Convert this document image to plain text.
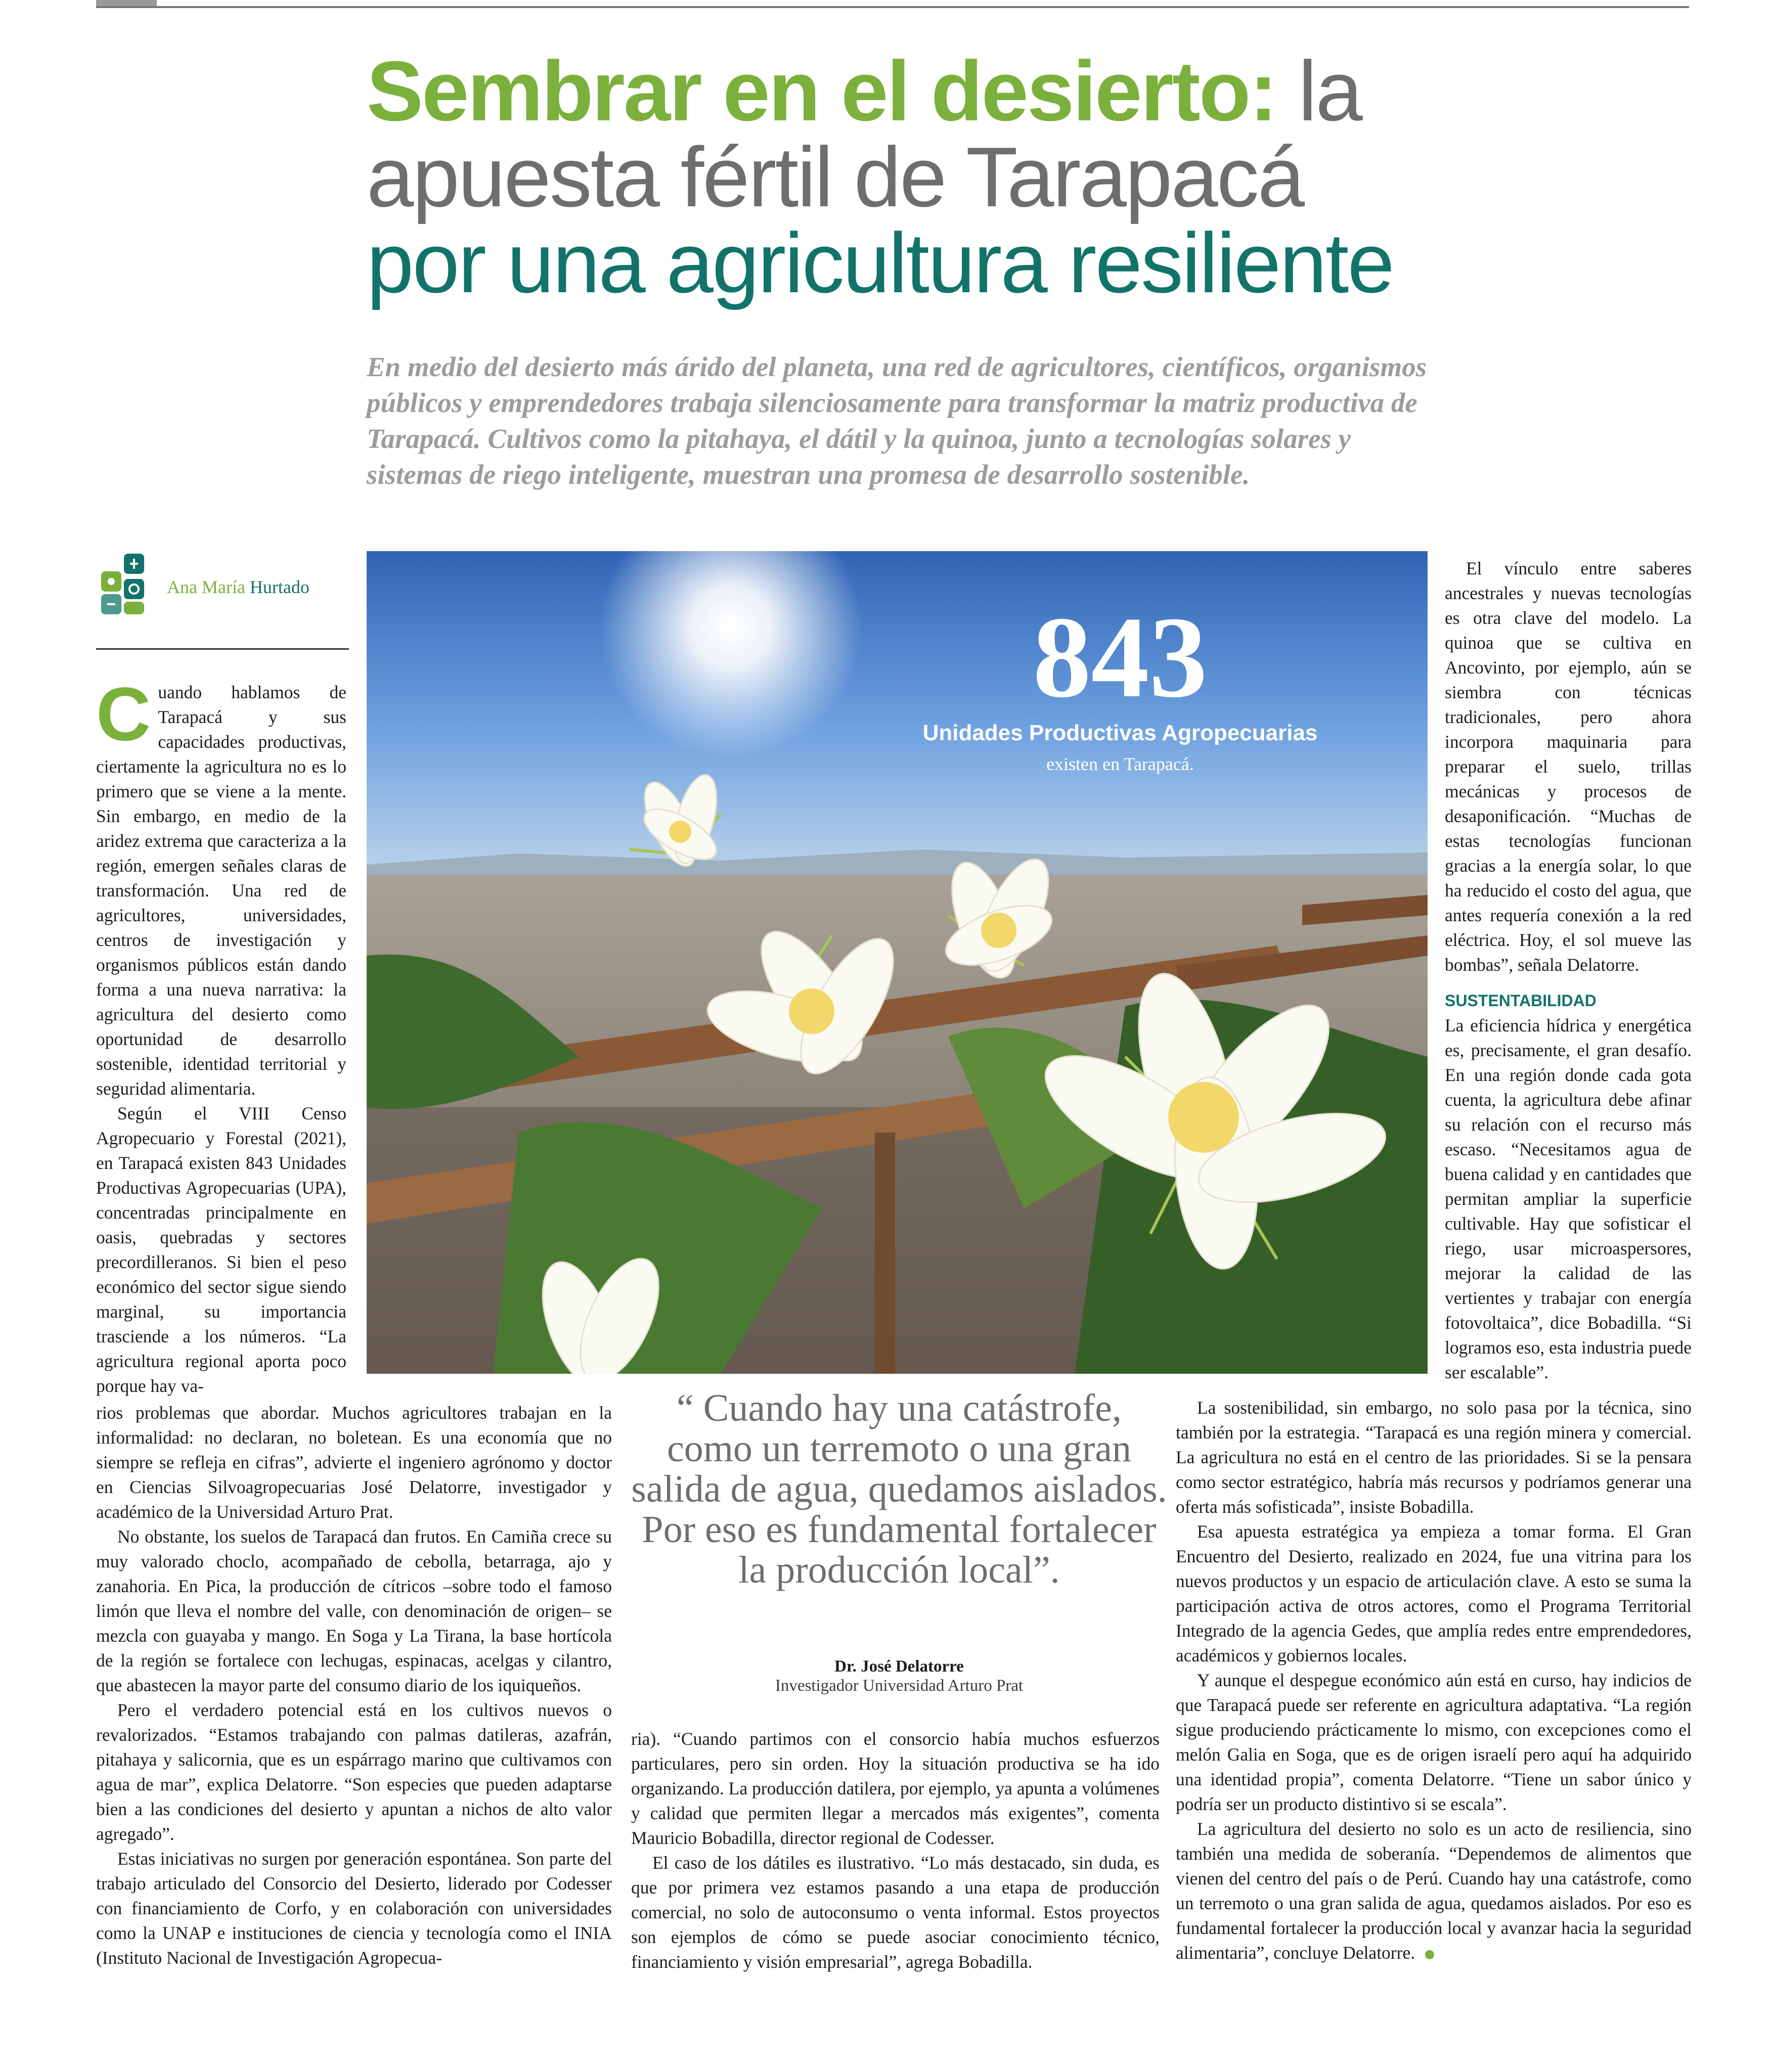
Sembrar en el desierto: la
apuesta fértil de Tarapacá
por una agricultura resiliente

En medio del desierto más árido del planeta, una red de agricultores, científicos, organismos públicos y emprendedores trabaja silenciosamente para transformar la matriz productiva de Tarapacá. Cultivos como la pitahaya, el dátil y la quinoa, junto a tecnologías solares y sistemas de riego inteligente, muestran una promesa de desarrollo sostenible.

Ana María Hurtado

Cuando hablamos de Tarapacá y sus capacidades productivas, ciertamente la agricultura no es lo primero que se viene a la mente. Sin embargo, en medio de la aridez extrema que caracteriza a la región, emergen señales claras de transformación. Una red de agricultores, universidades, centros de investigación y organismos públicos están dando forma a una nueva narrativa: la agricultura del desierto como oportunidad de desarrollo sostenible, identidad territorial y seguridad alimentaria.

Según el VIII Censo Agropecuario y Forestal (2021), en Tarapacá existen 843 Unidades Productivas Agropecuarias (UPA), concentradas principalmente en oasis, quebradas y sectores precordilleranos. Si bien el peso económico del sector sigue siendo marginal, su importancia trasciende a los números. “La agricultura regional aporta poco porque hay va-

rios problemas que abordar. Muchos agricultores trabajan en la informalidad: no declaran, no boletean. Es una economía que no siempre se refleja en cifras”, advierte el ingeniero agrónomo y doctor en Ciencias Silvoagropecuarias José Delatorre, investigador y académico de la Universidad Arturo Prat.

No obstante, los suelos de Tarapacá dan frutos. En Camiña crece su muy valorado choclo, acompañado de cebolla, betarraga, ajo y zanahoria. En Pica, la producción de cítricos –sobre todo el famoso limón que lleva el nombre del valle, con denominación de origen– se mezcla con guayaba y mango. En Soga y La Tirana, la base hortícola de la región se fortalece con lechugas, espinacas, acelgas y cilantro, que abastecen la mayor parte del consumo diario de los iquiqueños.

Pero el verdadero potencial está en los cultivos nuevos o revalorizados. “Estamos trabajando con palmas datileras, azafrán, pitahaya y salicornia, que es un espárrago marino que cultivamos con agua de mar”, explica Delatorre. “Son especies que pueden adaptarse bien a las condiciones del desierto y apuntan a nichos de alto valor agregado”.

Estas iniciativas no surgen por generación espontánea. Son parte del trabajo articulado del Consorcio del Desierto, liderado por Codesser con financiamiento de Corfo, y en colaboración con universidades como la UNAP e instituciones de ciencia y tecnología como el INIA (Instituto Nacional de Investigación Agropecua-

843
Unidades Productivas Agropecuarias
existen en Tarapacá.

“ Cuando hay una catástrofe, como un terremoto o una gran salida de agua, quedamos aislados. Por eso es fundamental fortalecer la producción local”.

Dr. José Delatorre
Investigador Universidad Arturo Prat

ria). “Cuando partimos con el consorcio había muchos esfuerzos particulares, pero sin orden. Hoy la situación productiva se ha ido organizando. La producción datilera, por ejemplo, ya apunta a volúmenes y calidad que permiten llegar a mercados más exigentes”, comenta Mauricio Bobadilla, director regional de Codesser.

El caso de los dátiles es ilustrativo. “Lo más destacado, sin duda, es que por primera vez estamos pasando a una etapa de producción comercial, no solo de autoconsumo o venta informal. Estos proyectos son ejemplos de cómo se puede asociar conocimiento técnico, financiamiento y visión empresarial”, agrega Bobadilla.

El vínculo entre saberes ancestrales y nuevas tecnologías es otra clave del modelo. La quinoa que se cultiva en Ancovinto, por ejemplo, aún se siembra con técnicas tradicionales, pero ahora incorpora maquinaria para preparar el suelo, trillas mecánicas y procesos de desaponificación. “Muchas de estas tecnologías funcionan gracias a la energía solar, lo que ha reducido el costo del agua, que antes requería conexión a la red eléctrica. Hoy, el sol mueve las bombas”, señala Delatorre.

SUSTENTABILIDAD

La eficiencia hídrica y energética es, precisamente, el gran desafío. En una región donde cada gota cuenta, la agricultura debe afinar su relación con el recurso más escaso. “Necesitamos agua de buena calidad y en cantidades que permitan ampliar la superficie cultivable. Hay que sofisticar el riego, usar microaspersores, mejorar la calidad de las vertientes y trabajar con energía fotovoltaica”, dice Bobadilla. “Si logramos eso, esta industria puede ser escalable”.

La sostenibilidad, sin embargo, no solo pasa por la técnica, sino también por la estrategia. “Tarapacá es una región minera y comercial. La agricultura no está en el centro de las prioridades. Si se la pensara como sector estratégico, habría más recursos y podríamos generar una oferta más sofisticada”, insiste Bobadilla.

Esa apuesta estratégica ya empieza a tomar forma. El Gran Encuentro del Desierto, realizado en 2024, fue una vitrina para los nuevos productos y un espacio de articulación clave. A esto se suma la participación activa de otros actores, como el Programa Territorial Integrado de la agencia Gedes, que amplía redes entre emprendedores, académicos y gobiernos locales.

Y aunque el despegue económico aún está en curso, hay indicios de que Tarapacá puede ser referente en agricultura adaptativa. “La región sigue produciendo prácticamente lo mismo, con excepciones como el melón Galia en Soga, que es de origen israelí pero aquí ha adquirido una identidad propia”, comenta Delatorre. “Tiene un sabor único y podría ser un producto distintivo si se escala”.

La agricultura del desierto no solo es un acto de resiliencia, sino también una medida de soberanía. “Dependemos de alimentos que vienen del centro del país o de Perú. Cuando hay una catástrofe, como un terremoto o una gran salida de agua, quedamos aislados. Por eso es fundamental fortalecer la producción local y avanzar hacia la seguridad alimentaria”, concluye Delatorre.
